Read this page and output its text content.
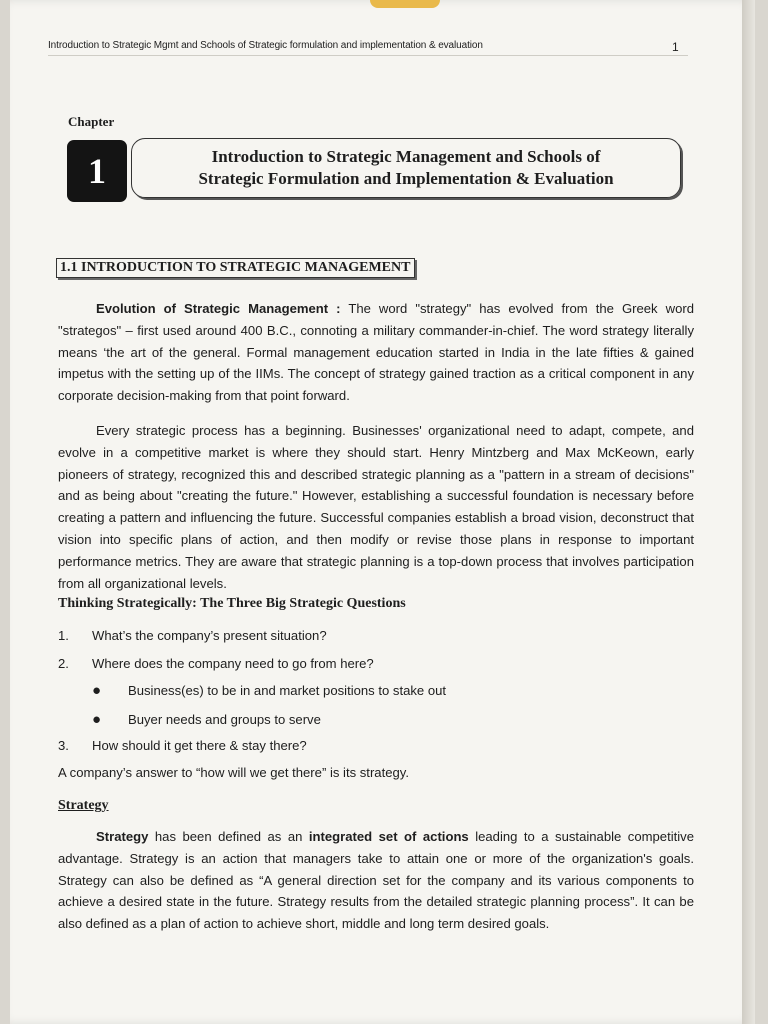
Introduction to Strategic Mgmt and Schools of Strategic formulation and implementation & evaluation	1
Chapter
1	Introduction to Strategic Management and Schools of
Strategic Formulation and Implementation & Evaluation

1.1 INTRODUCTION TO STRATEGIC MANAGEMENT

Evolution of Strategic Management : The word "strategy" has evolved from the Greek word "strategos" – first used around 400 B.C., connoting a military commander-in-chief. The word strategy literally means ‘the art of the general. Formal management education started in India in the late fifties & gained impetus with the setting up of the IIMs. The concept of strategy gained traction as a critical component in any corporate decision-making from that point forward.

Every strategic process has a beginning. Businesses' organizational need to adapt, compete, and evolve in a competitive market is where they should start. Henry Mintzberg and Max McKeown, early pioneers of strategy, recognized this and described strategic planning as a "pattern in a stream of decisions" and as being about "creating the future." However, establishing a successful foundation is necessary before creating a pattern and influencing the future. Successful companies establish a broad vision, deconstruct that vision into specific plans of action, and then modify or revise those plans in response to important performance metrics. They are aware that strategic planning is a top-down process that involves participation from all organizational levels.

Thinking Strategically: The Three Big Strategic Questions
1. What’s the company’s present situation?
2. Where does the company need to go from here?
● Business(es) to be in and market positions to stake out
● Buyer needs and groups to serve
3. How should it get there & stay there?
A company’s answer to “how will we get there” is its strategy.
Strategy

Strategy has been defined as an integrated set of actions leading to a sustainable competitive advantage. Strategy is an action that managers take to attain one or more of the organization's goals. Strategy can also be defined as “A general direction set for the company and its various components to achieve a desired state in the future. Strategy results from the detailed strategic planning process”. It can be also defined as a plan of action to achieve short, middle and long term desired goals.
